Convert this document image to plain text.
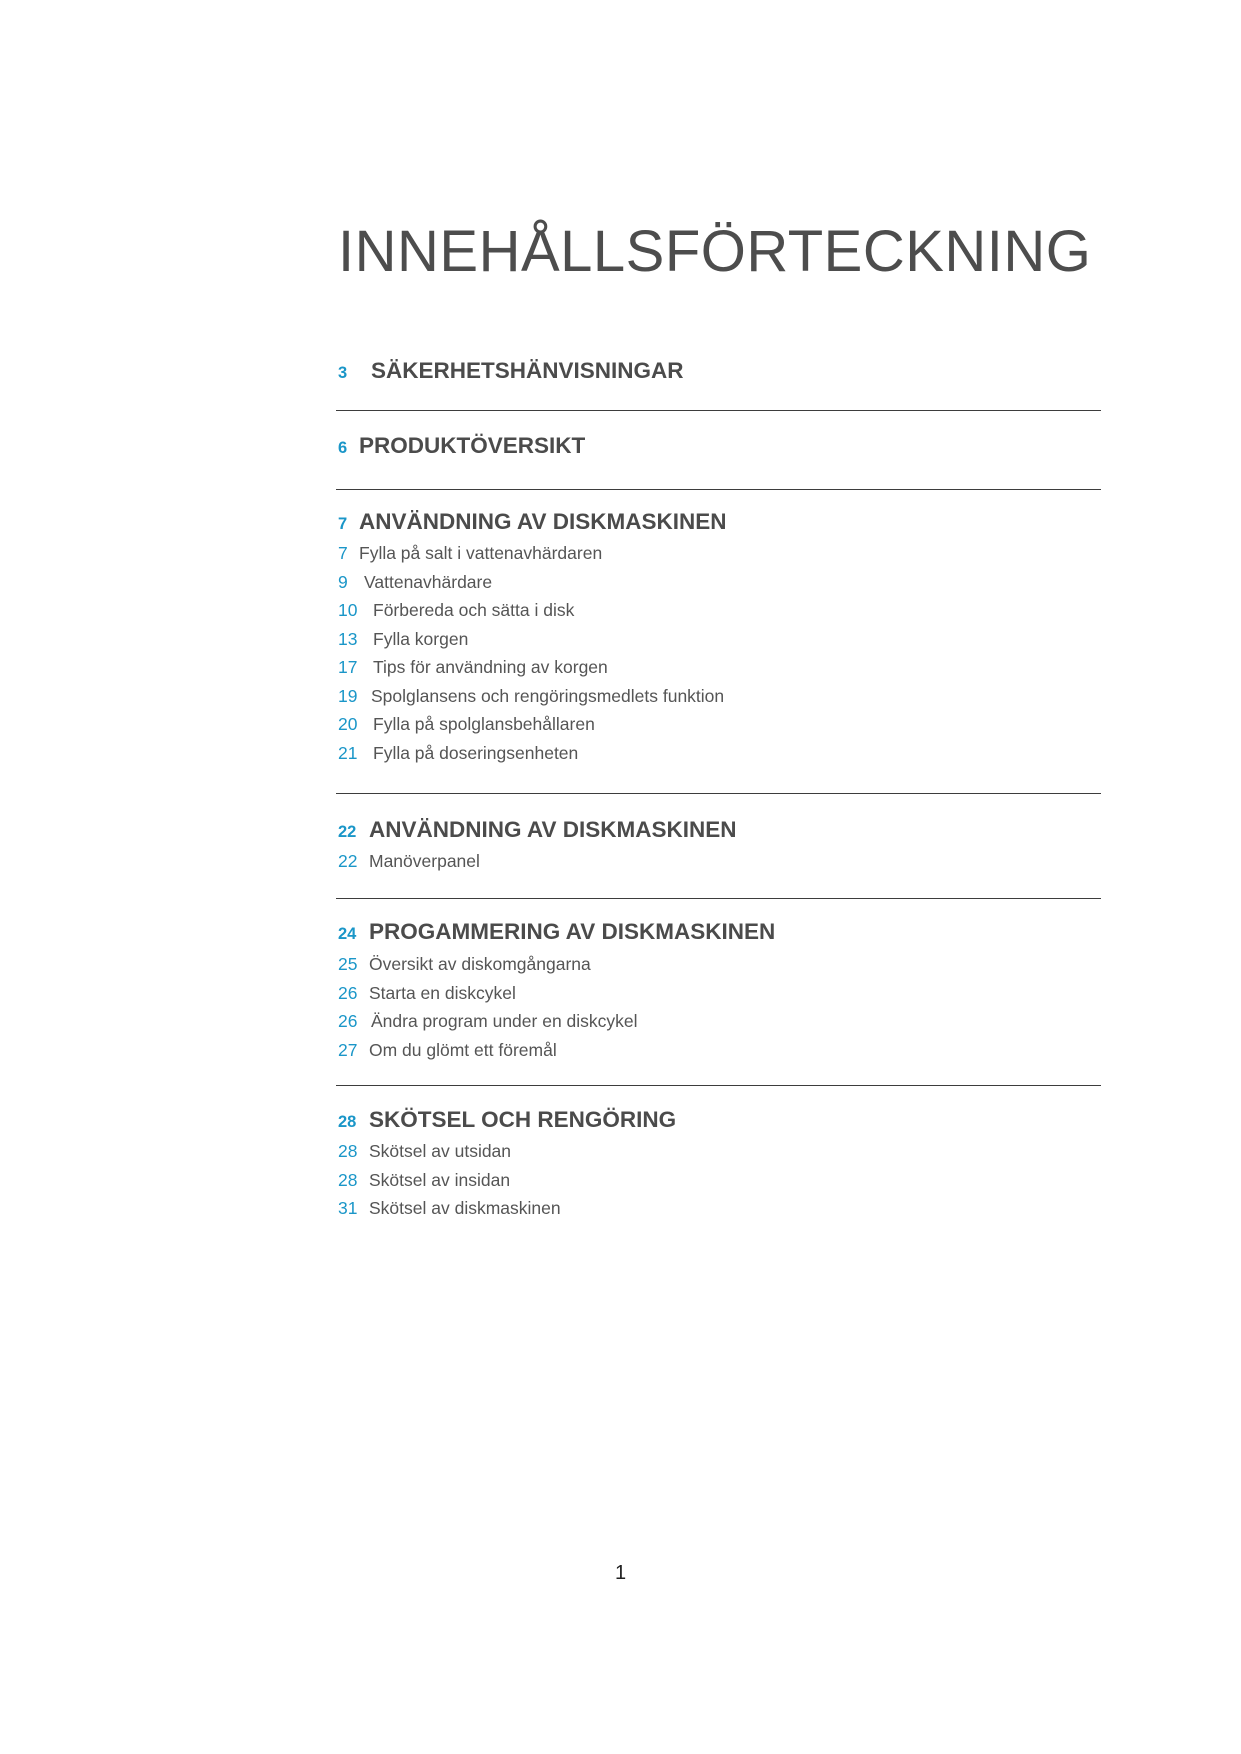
INNEHÅLLSFÖRTECKNING
3	SÄKERHETSHÄNVISNINGAR
6 PRODUKTÖVERSIKT
7 ANVÄNDNING AV DISKMASKINEN
7 Fylla på salt i vattenavhärdaren
9 Vattenavhärdare
10 Förbereda och sätta i disk
13 Fylla korgen
17 Tips för användning av korgen
19 Spolglansens och rengöringsmedlets funktion
20 Fylla på spolglansbehållaren
21 Fylla på doseringsenheten
22 ANVÄNDNING AV DISKMASKINEN
22 Manöverpanel
24 PROGAMMERING AV DISKMASKINEN
25 Översikt av diskomgångarna
26 Starta en diskcykel
26 Ändra program under en diskcykel
27 Om du glömt ett föremål
28 SKÖTSEL OCH RENGÖRING
28 Skötsel av utsidan
28 Skötsel av insidan
31 Skötsel av diskmaskinen
1
